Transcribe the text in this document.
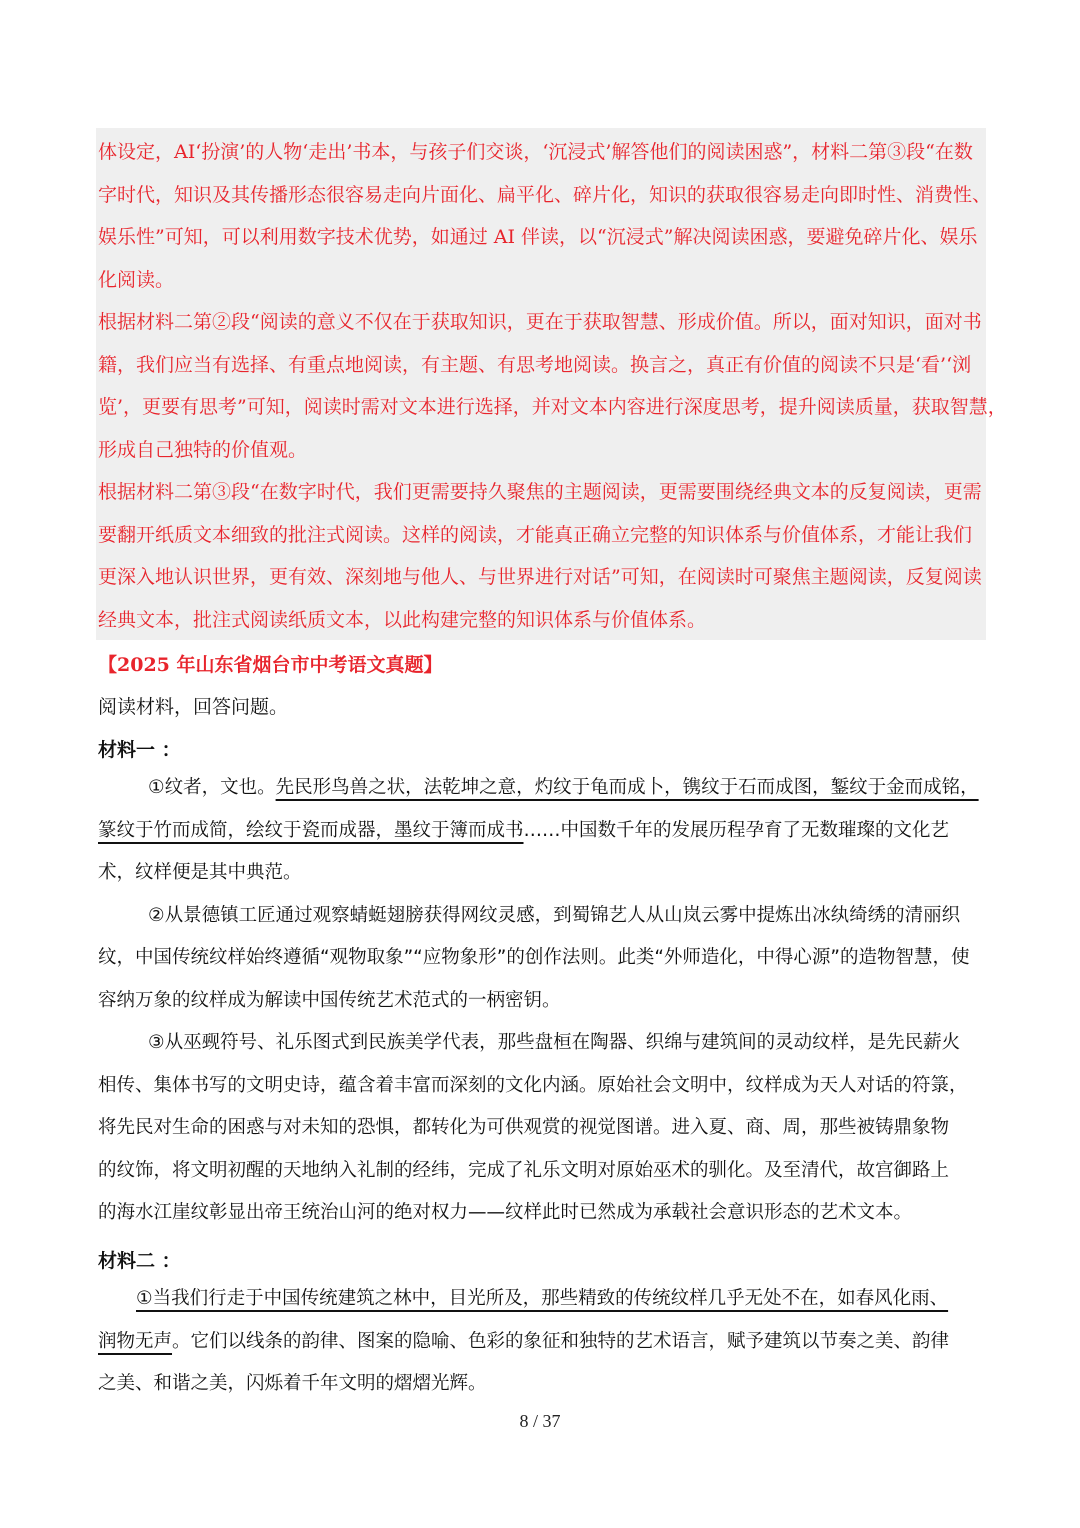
体设定，AI‘扮演’的人物‘走出’书本，与孩子们交谈，‘沉浸式’解答他们的阅读困惑”，材料二第③段“在数

字时代，知识及其传播形态很容易走向片面化、扁平化、碎片化，知识的获取很容易走向即时性、消费性、

娱乐性”可知，可以利用数字技术优势，如通过 AI 伴读，以“沉浸式”解决阅读困惑，要避免碎片化、娱乐

化阅读。

根据材料二第②段“阅读的意义不仅在于获取知识，更在于获取智慧、形成价值。所以，面对知识，面对书

籍，我们应当有选择、有重点地阅读，有主题、有思考地阅读。换言之，真正有价值的阅读不只是‘看’‘浏

览’，更要有思考”可知，阅读时需对文本进行选择，并对文本内容进行深度思考，提升阅读质量，获取智慧，

形成自己独特的价值观。

根据材料二第③段“在数字时代，我们更需要持久聚焦的主题阅读，更需要围绕经典文本的反复阅读，更需

要翻开纸质文本细致的批注式阅读。这样的阅读，才能真正确立完整的知识体系与价值体系，才能让我们

更深入地认识世界，更有效、深刻地与他人、与世界进行对话”可知，在阅读时可聚焦主题阅读，反复阅读

经典文本，批注式阅读纸质文本，以此构建完整的知识体系与价值体系。

【2025 年山东省烟台市中考语文真题】
阅读材料，回答问题。
材料一 ：

①纹者，文也。先民形鸟兽之状，法乾坤之意，灼纹于龟而成卜，镌纹于石而成图，錾纹于金而成铭，

篆纹于竹而成简，绘纹于瓷而成器，墨纹于簿而成书……中国数千年的发展历程孕育了无数璀璨的文化艺

术，纹样便是其中典范。

②从景德镇工匠通过观察蜻蜓翅膀获得网纹灵感，到蜀锦艺人从山岚云雾中提炼出冰纨绮绣的清丽织

纹，中国传统纹样始终遵循“观物取象”“应物象形”的创作法则。此类“外师造化，中得心源”的造物智慧，使

容纳万象的纹样成为解读中国传统艺术范式的一柄密钥。

③从巫觋符号、礼乐图式到民族美学代表，那些盘桓在陶器、织绵与建筑间的灵动纹样，是先民薪火

相传、集体书写的文明史诗，蕴含着丰富而深刻的文化内涵。原始社会文明中，纹样成为天人对话的符箓，

将先民对生命的困惑与对未知的恐惧，都转化为可供观赏的视觉图谱。进入夏、商、周，那些被铸鼎象物

的纹饰，将文明初醒的天地纳入礼制的经纬，完成了礼乐文明对原始巫术的驯化。及至清代，故宫御路上

的海水江崖纹彰显出帝王统治山河的绝对权力——纹样此时已然成为承载社会意识形态的艺术文本。

材料二 ：

①当我们行走于中国传统建筑之林中，目光所及，那些精致的传统纹样几乎无处不在，如春风化雨、

润物无声。它们以线条的韵律、图案的隐喻、色彩的象征和独特的艺术语言，赋予建筑以节奏之美、韵律

之美、和谐之美，闪烁着千年文明的熠熠光辉。

8 / 37
